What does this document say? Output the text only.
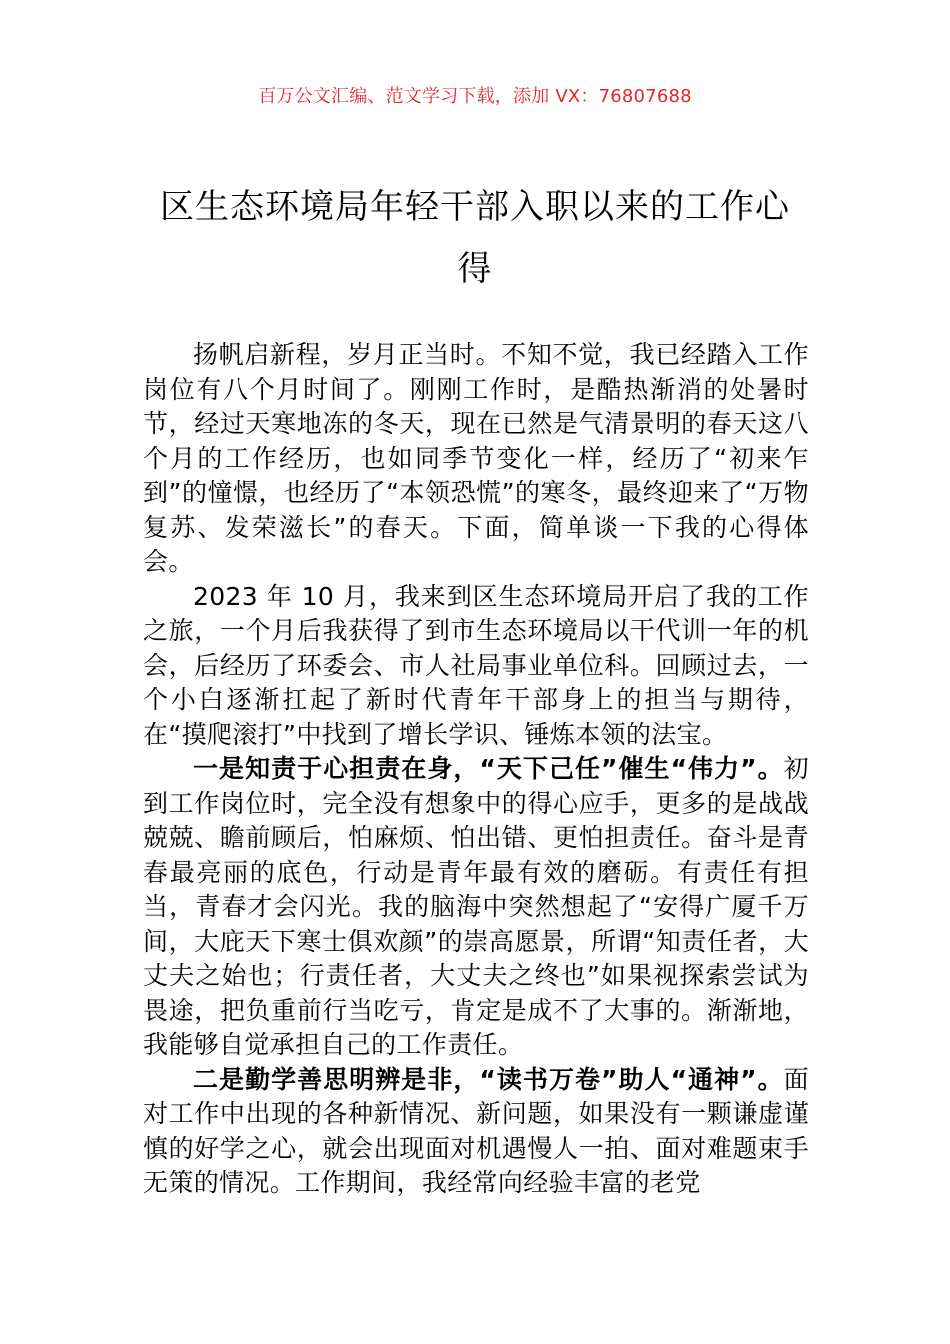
百万公文汇编、范文学习下载，添加 VX：76807688
区生态环境局年轻干部入职以来的工作心得

扬帆启新程，岁月正当时。不知不觉，我已经踏入工作岗位有八个月时间了。刚刚工作时，是酷热渐消的处暑时节，经过天寒地冻的冬天，现在已然是气清景明的春天这八个月的工作经历，也如同季节变化一样，经历了“初来乍到”的憧憬，也经历了“本领恐慌”的寒冬，最终迎来了“万物复苏、发荣滋长”的春天。下面，简单谈一下我的心得体会。

2023 年 10 月，我来到区生态环境局开启了我的工作之旅，一个月后我获得了到市生态环境局以干代训一年的机会，后经历了环委会、市人社局事业单位科。回顾过去，一个小白逐渐扛起了新时代青年干部身上的担当与期待，在“摸爬滚打”中找到了增长学识、锤炼本领的法宝。

一是知责于心担责在身，“天下己任”催生“伟力”。初到工作岗位时，完全没有想象中的得心应手，更多的是战战兢兢、瞻前顾后，怕麻烦、怕出错、更怕担责任。奋斗是青春最亮丽的底色，行动是青年最有效的磨砺。有责任有担当，青春才会闪光。我的脑海中突然想起了“安得广厦千万间，大庇天下寒士俱欢颜”的崇高愿景，所谓“知责任者，大丈夫之始也；行责任者，大丈夫之终也”如果视探索尝试为畏途，把负重前行当吃亏，肯定是成不了大事的。渐渐地，我能够自觉承担自己的工作责任。

二是勤学善思明辨是非，“读书万卷”助人“通神”。面对工作中出现的各种新情况、新问题，如果没有一颗谦虚谨慎的好学之心，就会出现面对机遇慢人一拍、面对难题束手无策的情况。工作期间，我经常向经验丰富的老党
